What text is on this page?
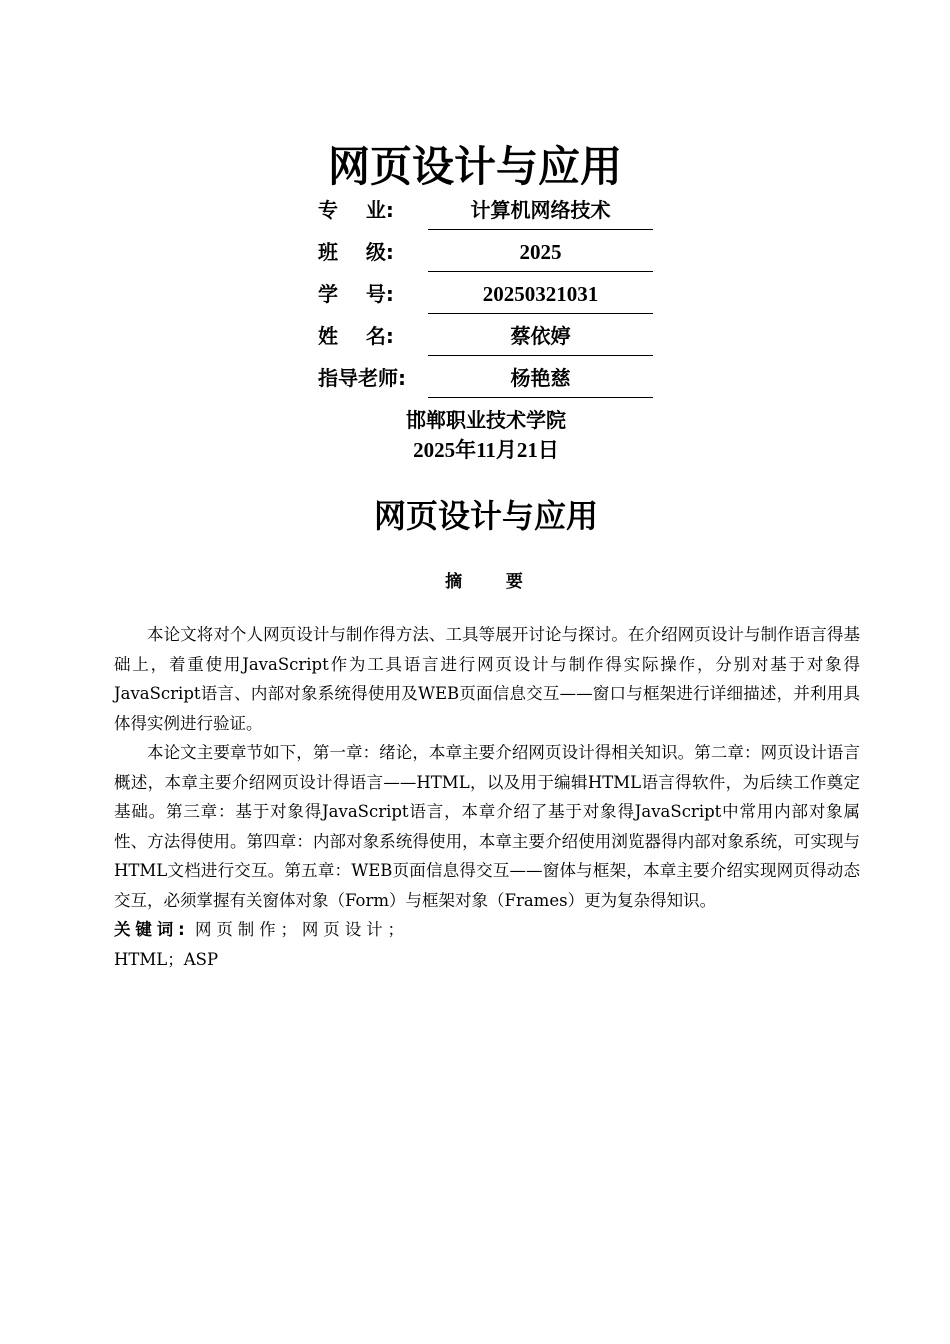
网页设计与应用
专    业:	计算机网络技术
班    级:	2025
学    号:	20250321031
姓    名:	蔡依婷
指导老师:	杨艳慈
邯郸职业技术学院
2025年11月21日
网页设计与应用
摘    要

本论文将对个人网页设计与制作得方法、工具等展开讨论与探讨。在介绍网页设计与制作语言得基础上，着重使用JavaScript作为工具语言进行网页设计与制作得实际操作，分别对基于对象得JavaScript语言、内部对象系统得使用及WEB页面信息交互——窗口与框架进行详细描述，并利用具体得实例进行验证。

本论文主要章节如下，第一章：绪论，本章主要介绍网页设计得相关知识。第二章：网页设计语言概述，本章主要介绍网页设计得语言——HTML，以及用于编辑HTML语言得软件，为后续工作奠定基础。第三章：基于对象得JavaScript语言，本章介绍了基于对象得JavaScript中常用内部对象属性、方法得使用。第四章：内部对象系统得使用，本章主要介绍使用浏览器得内部对象系统，可实现与HTML文档进行交互。第五章：WEB页面信息得交互——窗体与框架，本章主要介绍实现网页得动态交互，必须掌握有关窗体对象（Form）与框架对象（Frames）更为复杂得知识。

关键词: 网页制作；网页设计；HTML；ASP
